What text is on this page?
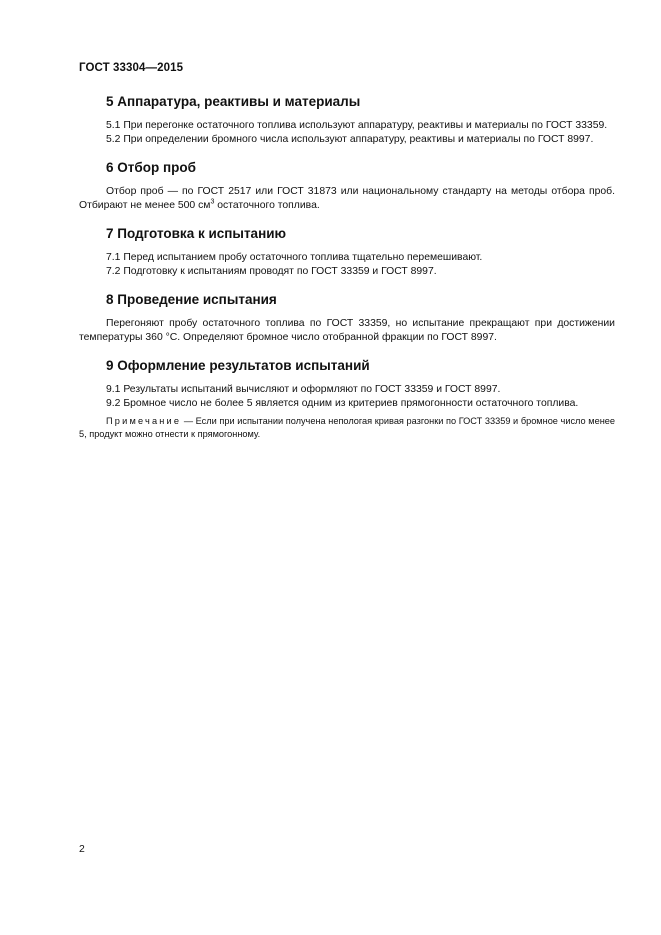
ГОСТ 33304—2015
5 Аппаратура, реактивы и материалы

5.1 При перегонке остаточного топлива используют аппаратуру, реактивы и материалы по ГОСТ 33359.

5.2 При определении бромного числа используют аппаратуру, реактивы и материалы по ГОСТ 8997.

6 Отбор проб

Отбор проб — по ГОСТ 2517 или ГОСТ 31873 или национальному стандарту на методы отбора проб. Отбирают не менее 500 $см^3$ остаточного топлива.

7 Подготовка к испытанию

7.1 Перед испытанием пробу остаточного топлива тщательно перемешивают.

7.2 Подготовку к испытаниям проводят по ГОСТ 33359 и ГОСТ 8997.

8 Проведение испытания

Перегоняют пробу остаточного топлива по ГОСТ 33359, но испытание прекращают при достижении температуры 360 °С. Определяют бромное число отобранной фракции по ГОСТ 8997.

9 Оформление результатов испытаний

9.1 Результаты испытаний вычисляют и оформляют по ГОСТ 33359 и ГОСТ 8997.

9.2 Бромное число не более 5 является одним из критериев прямогонности остаточного топлива.

Примечание — Если при испытании получена непологая кривая разгонки по ГОСТ 33359 и бромное число менее 5, продукт можно отнести к прямогонному.
2
